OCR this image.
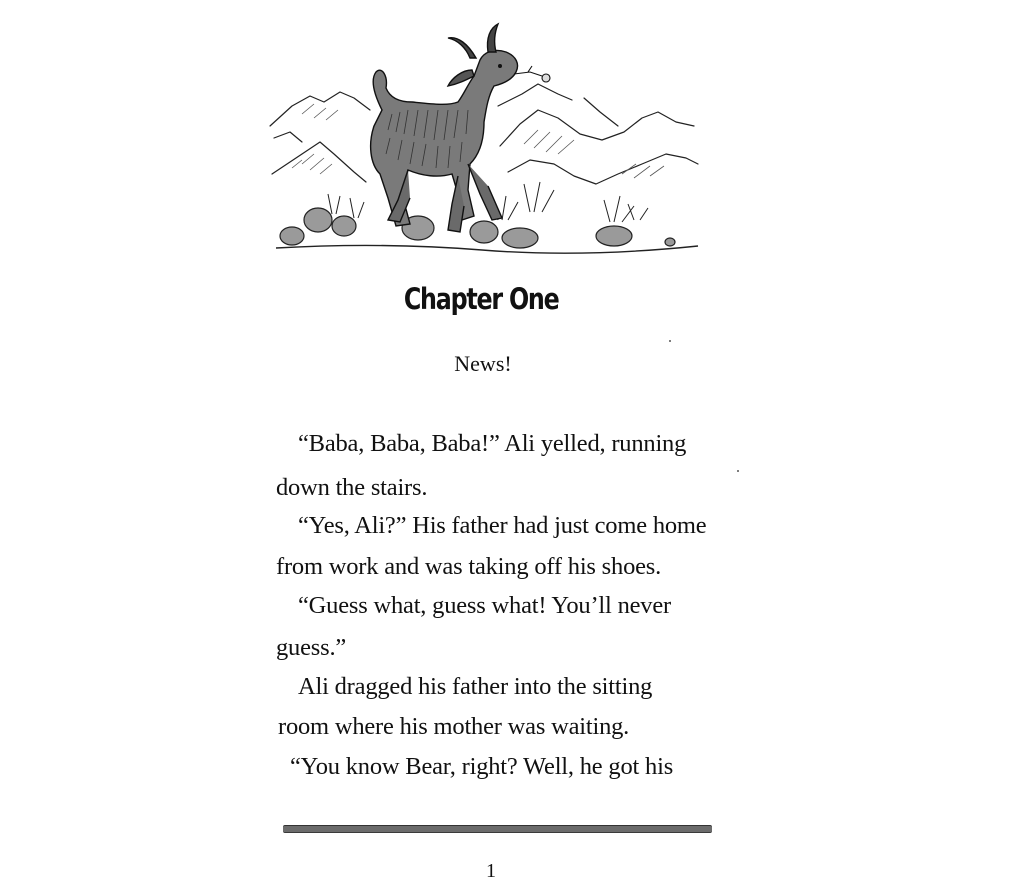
Chapter One
News!
“Baba, Baba, Baba!” Ali yelled, running
down the stairs.
“Yes, Ali?” His father had just come home
from work and was taking off his shoes.
“Guess what, guess what! You’ll never
guess.”
Ali dragged his father into the sitting
room where his mother was waiting.
“You know Bear, right? Well, he got his
1
